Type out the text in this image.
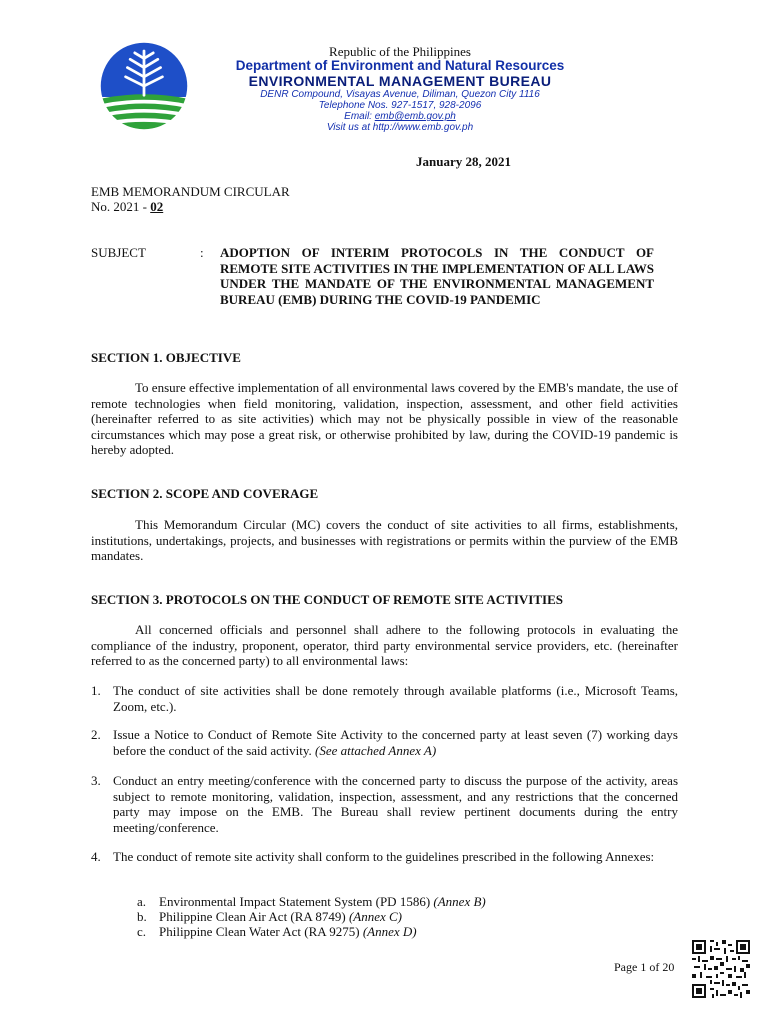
Republic of the Philippines
Department of Environment and Natural Resources
ENVIRONMENTAL MANAGEMENT BUREAU
DENR Compound, Visayas Avenue, Diliman, Quezon City 1116
Telephone Nos. 927-1517, 928-2096
Email: emb@emb.gov.ph
Visit us at http://www.emb.gov.ph
January 28, 2021
EMB MEMORANDUM CIRCULAR
No. 2021 - 02
SUBJECT	: ADOPTION OF INTERIM PROTOCOLS IN THE CONDUCT OF REMOTE SITE ACTIVITIES IN THE IMPLEMENTATION OF ALL LAWS UNDER THE MANDATE OF THE ENVIRONMENTAL MANAGEMENT BUREAU (EMB) DURING THE COVID-19 PANDEMIC
SECTION 1. OBJECTIVE
To ensure effective implementation of all environmental laws covered by the EMB's mandate, the use of remote technologies when field monitoring, validation, inspection, assessment, and other field activities (hereinafter referred to as site activities) which may not be physically possible in view of the reasonable circumstances which may pose a great risk, or otherwise prohibited by law, during the COVID-19 pandemic is hereby adopted.
SECTION 2. SCOPE AND COVERAGE
This Memorandum Circular (MC) covers the conduct of site activities to all firms, establishments, institutions, undertakings, projects, and businesses with registrations or permits within the purview of the EMB mandates.
SECTION 3. PROTOCOLS ON THE CONDUCT OF REMOTE SITE ACTIVITIES
All concerned officials and personnel shall adhere to the following protocols in evaluating the compliance of the industry, proponent, operator, third party environmental service providers, etc. (hereinafter referred to as the concerned party) to all environmental laws:
1. The conduct of site activities shall be done remotely through available platforms (i.e., Microsoft Teams, Zoom, etc.).
2. Issue a Notice to Conduct of Remote Site Activity to the concerned party at least seven (7) working days before the conduct of the said activity. (See attached Annex A)
3. Conduct an entry meeting/conference with the concerned party to discuss the purpose of the activity, areas subject to remote monitoring, validation, inspection, assessment, and any restrictions that the concerned party may impose on the EMB. The Bureau shall review pertinent documents during the entry meeting/conference.
4. The conduct of remote site activity shall conform to the guidelines prescribed in the following Annexes:
a. Environmental Impact Statement System (PD 1586) (Annex B)
b. Philippine Clean Air Act (RA 8749) (Annex C)
c. Philippine Clean Water Act (RA 9275) (Annex D)
Page 1 of 20
